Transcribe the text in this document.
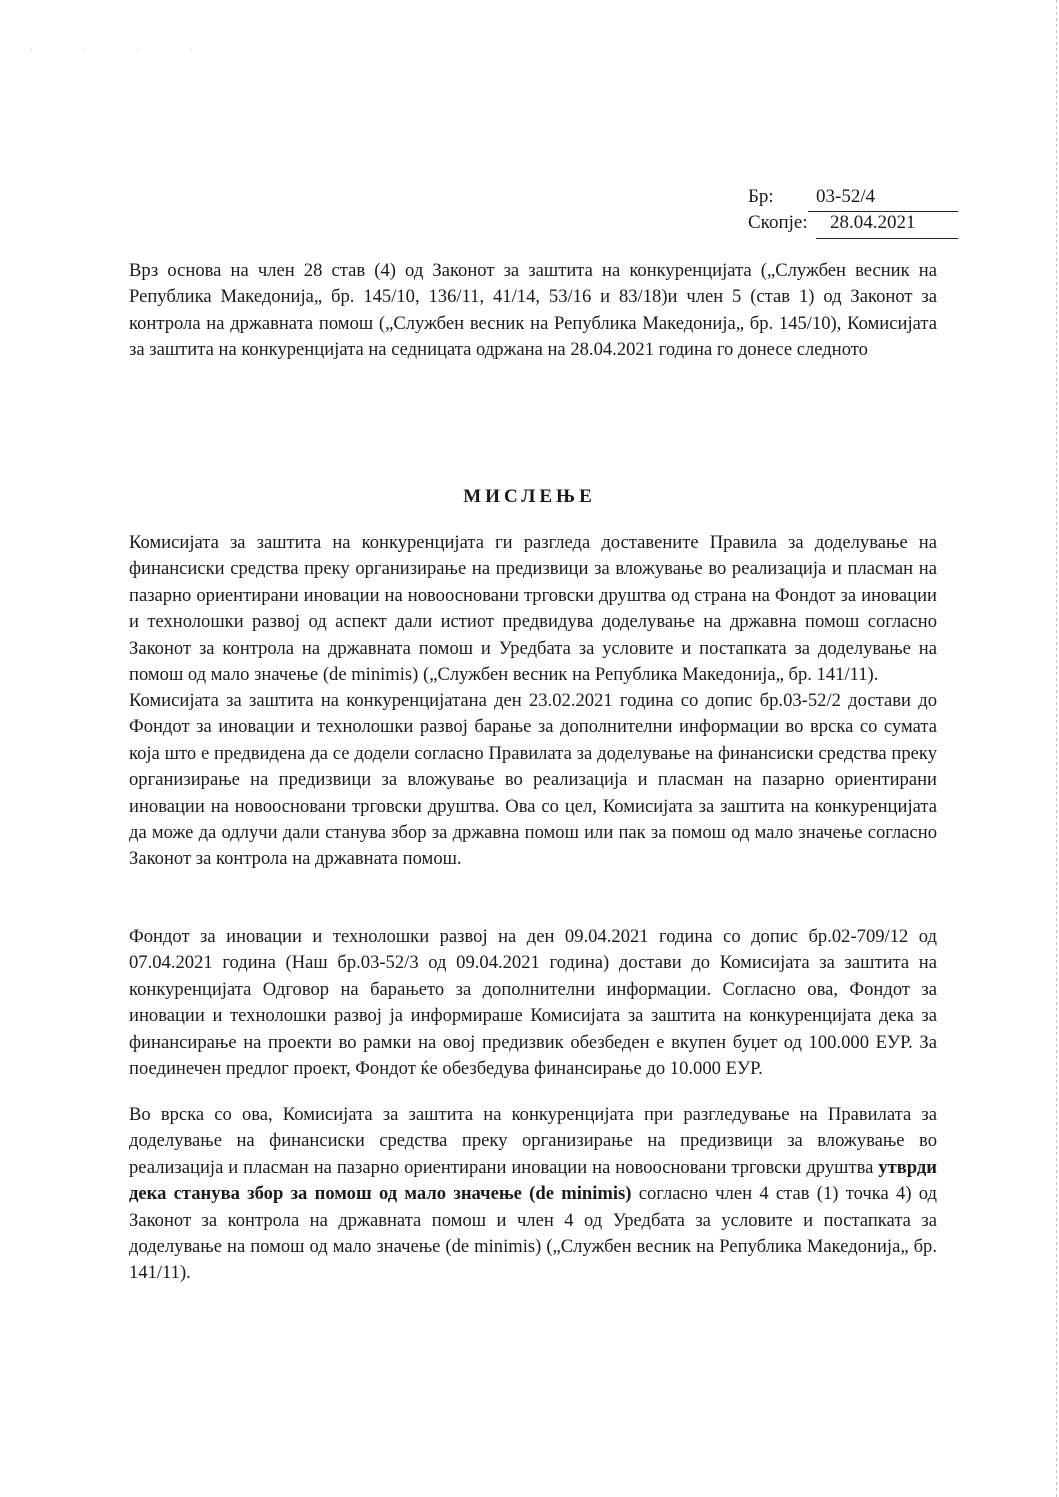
· · · ·
Бр: 03-52/4
Скопје: 28.04.2021

Врз основа на член 28 став (4) од Законот за заштита на конкуренцијата („Службен весник на Република Македонија„ бр. 145/10, 136/11, 41/14, 53/16 и 83/18)и член 5 (став 1) од Законот за контрола на државната помош („Службен весник на Република Македонија„ бр. 145/10), Комисијата за заштита на конкуренцијата на седницата одржана на 28.04.2021 година го донесе следното

МИСЛЕЊЕ

Комисијата за заштита на конкуренцијата ги разгледа доставените Правила за доделување на финансиски средства преку организирање на предизвици за вложување во реализација и пласман на пазарно ориентирани иновации на новоосновани трговски друштва од страна на Фондот за иновации и технолошки развој од аспект дали истиот предвидува доделување на државна помош согласно Законот за контрола на државната помош и Уредбата за условите и постапката за доделување на помош од мало значење (de minimis) („Службен весник на Република Македонија„ бр. 141/11).

Комисијата за заштита на конкуренцијатана ден 23.02.2021 година со допис бр.03-52/2 достави до Фондот за иновации и технолошки развој барање за дополнителни информации во врска со сумата која што е предвидена да се додели согласно Правилата за доделување на финансиски средства преку организирање на предизвици за вложување во реализација и пласман на пазарно ориентирани иновации на новоосновани трговски друштва. Ова со цел, Комисијата за заштита на конкуренцијата да може да одлучи дали станува збор за државна помош или пак за помош од мало значење согласно Законот за контрола на државната помош.

Фондот за иновации и технолошки развој на ден 09.04.2021 година со допис бр.02-709/12 од 07.04.2021 година (Наш бр.03-52/3 од 09.04.2021 година) достави до Комисијата за заштита на конкуренцијата Одговор на барањето за дополнителни информации. Согласно ова, Фондот за иновации и технолошки развој ја информираше Комисијата за заштита на конкуренцијата дека за финансирање на проекти во рамки на овој предизвик обезбеден е вкупен буџет од 100.000 ЕУР. За поединечен предлог проект, Фондот ќе обезбедува финансирање до 10.000 ЕУР.

Во врска со ова, Комисијата за заштита на конкуренцијата при разгледување на Правилата за доделување на финансиски средства преку организирање на предизвици за вложување во реализација и пласман на пазарно ориентирани иновации на новоосновани трговски друштва утврди дека станува збор за помош од мало значење (de minimis) согласно член 4 став (1) точка 4) од Законот за контрола на државната помош и член 4 од Уредбата за условите и постапката за доделување на помош од мало значење (de minimis) („Службен весник на Република Македонија„ бр. 141/11).
